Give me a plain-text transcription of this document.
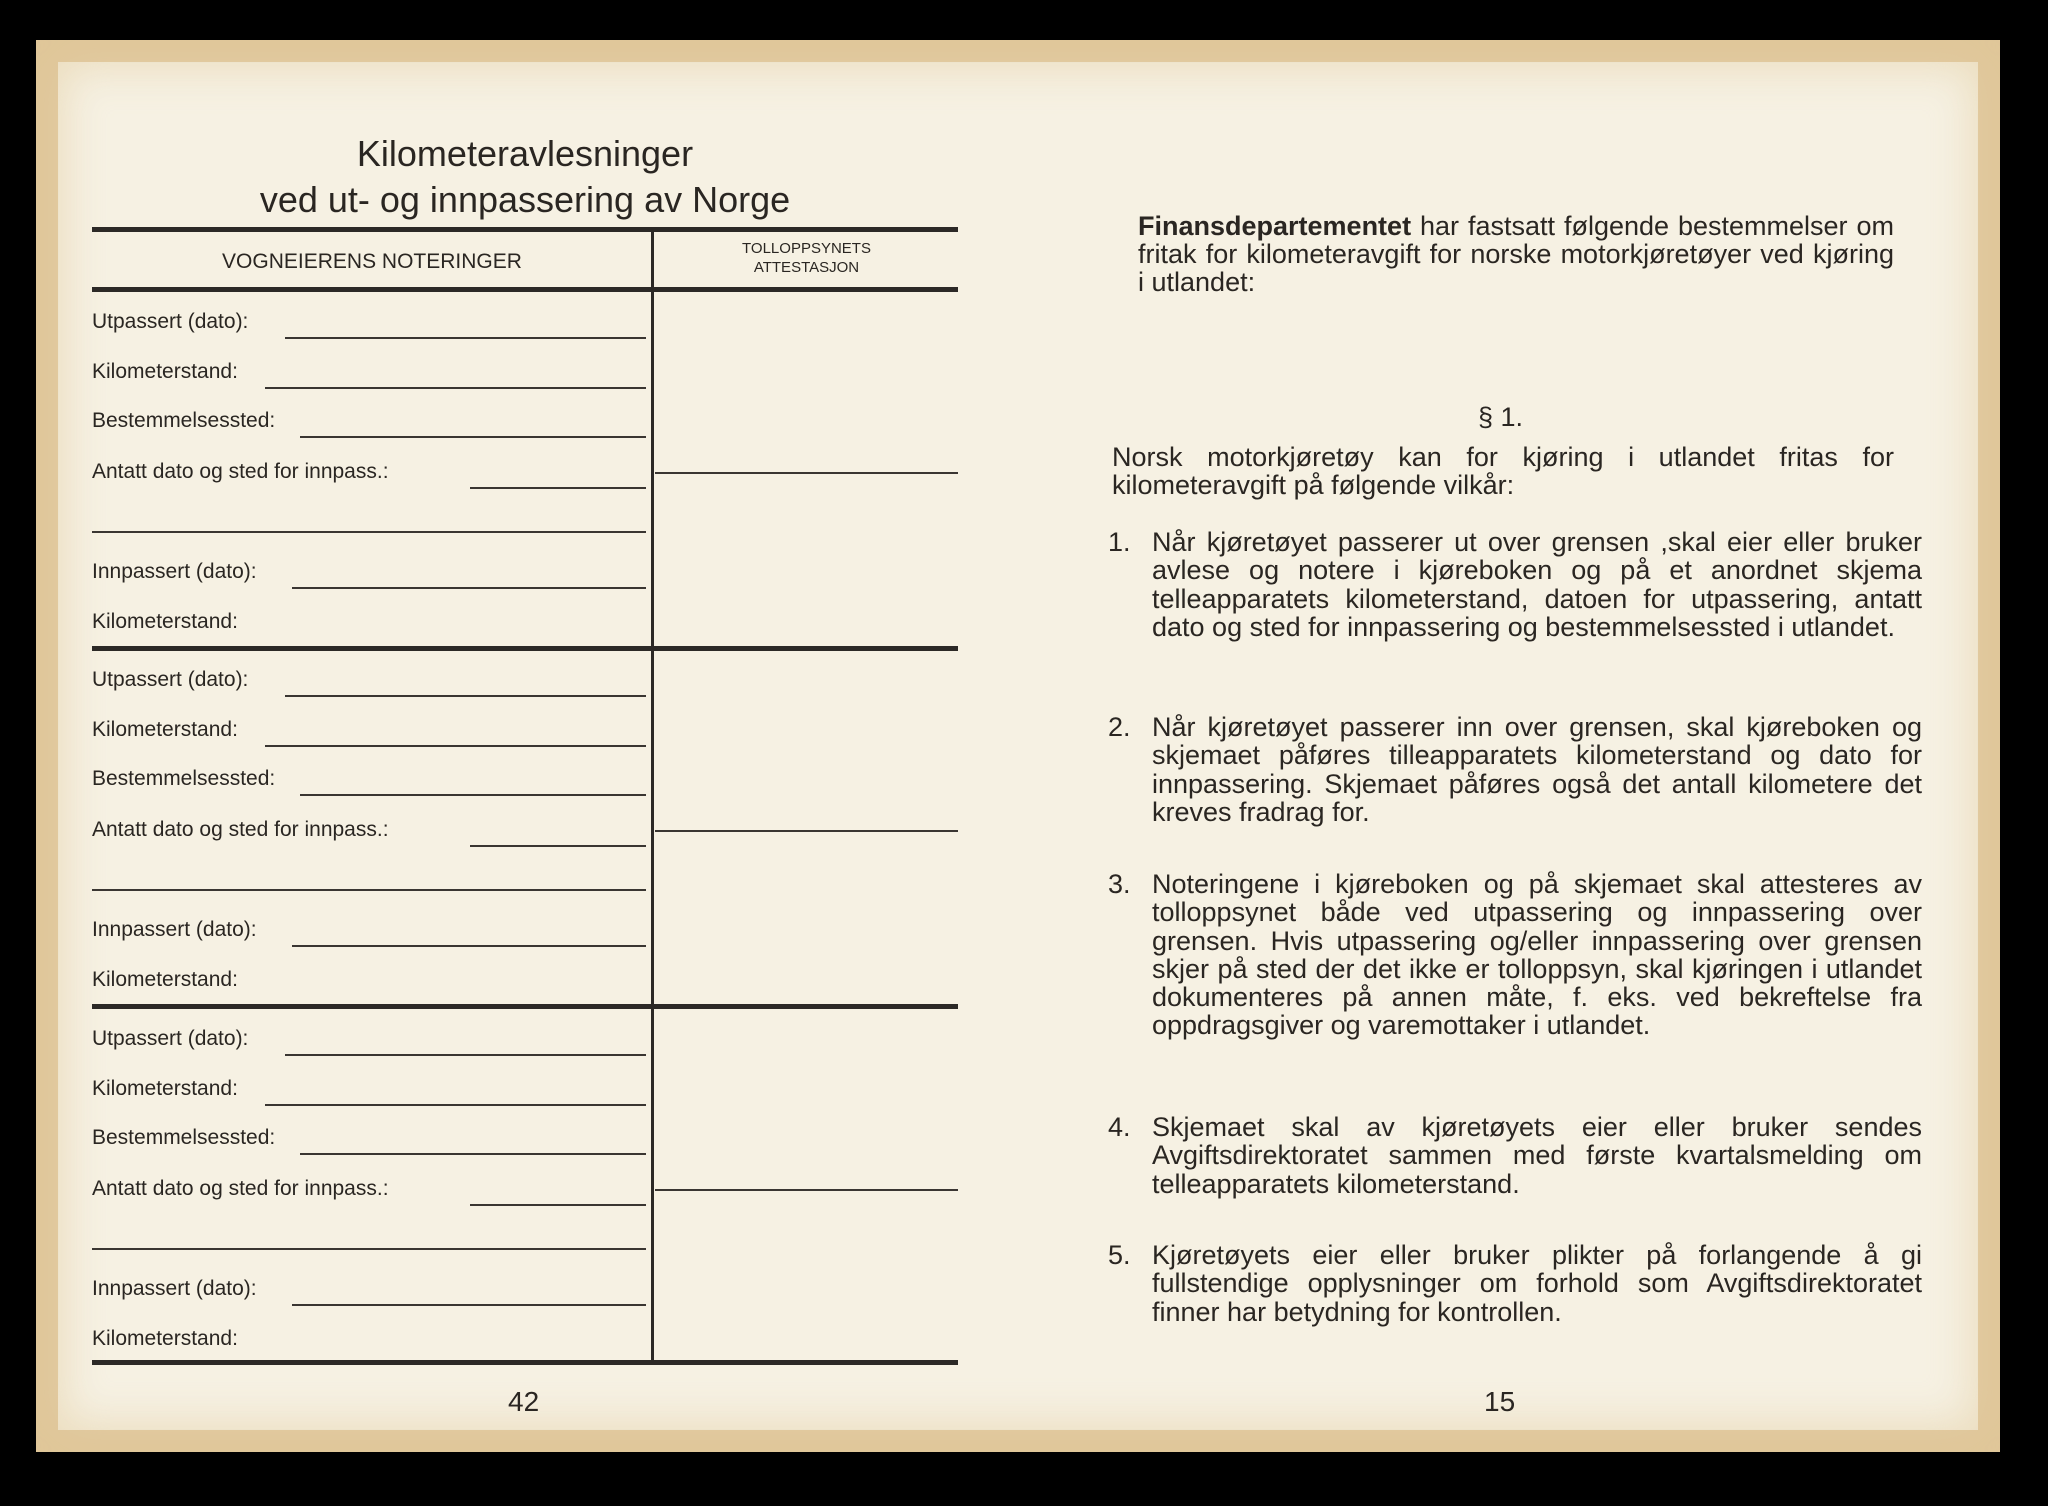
Kilometeravlesninger
ved ut- og innpassering av Norge
VOGNEIERENS NOTERINGER
TOLLOPPSYNETS
ATTESTASJON
Utpassert (dato):
Kilometerstand:
Bestemmelsessted:
Antatt dato og sted for innpass.:
Innpassert (dato):
Kilometerstand:
Utpassert (dato):
Kilometerstand:
Bestemmelsessted:
Antatt dato og sted for innpass.:
Innpassert (dato):
Kilometerstand:
Utpassert (dato):
Kilometerstand:
Bestemmelsessted:
Antatt dato og sted for innpass.:
Innpassert (dato):
Kilometerstand:
42
Finansdepartementet har fastsatt følgende bestemmelser om fritak for kilometeravgift for norske motorkjøretøyer ved kjøring i utlandet:
§ 1.
Norsk motorkjøretøy kan for kjøring i utlandet fritas for kilometeravgift på følgende vilkår:
1. Når kjøretøyet passerer ut over grensen ,skal eier eller bruker avlese og notere i kjøreboken og på et anordnet skjema telleapparatets kilometerstand, datoen for utpassering, antatt dato og sted for innpassering og bestemmelsessted i utlandet.
2. Når kjøretøyet passerer inn over grensen, skal kjøreboken og skjemaet påføres tilleapparatets kilometerstand og dato for innpassering. Skjemaet påføres også det antall kilometere det kreves fradrag for.
3. Noteringene i kjøreboken og på skjemaet skal attesteres av tolloppsynet både ved utpassering og innpassering over grensen. Hvis utpassering og/eller innpassering over grensen skjer på sted der det ikke er tolloppsyn, skal kjøringen i utlandet dokumenteres på annen måte, f. eks. ved bekreftelse fra oppdragsgiver og varemottaker i utlandet.
4. Skjemaet skal av kjøretøyets eier eller bruker sendes Avgiftsdirektoratet sammen med første kvartalsmelding om telleapparatets kilometerstand.
5. Kjøretøyets eier eller bruker plikter på forlangende å gi fullstendige opplysninger om forhold som Avgiftsdirektoratet finner har betydning for kontrollen.
15
